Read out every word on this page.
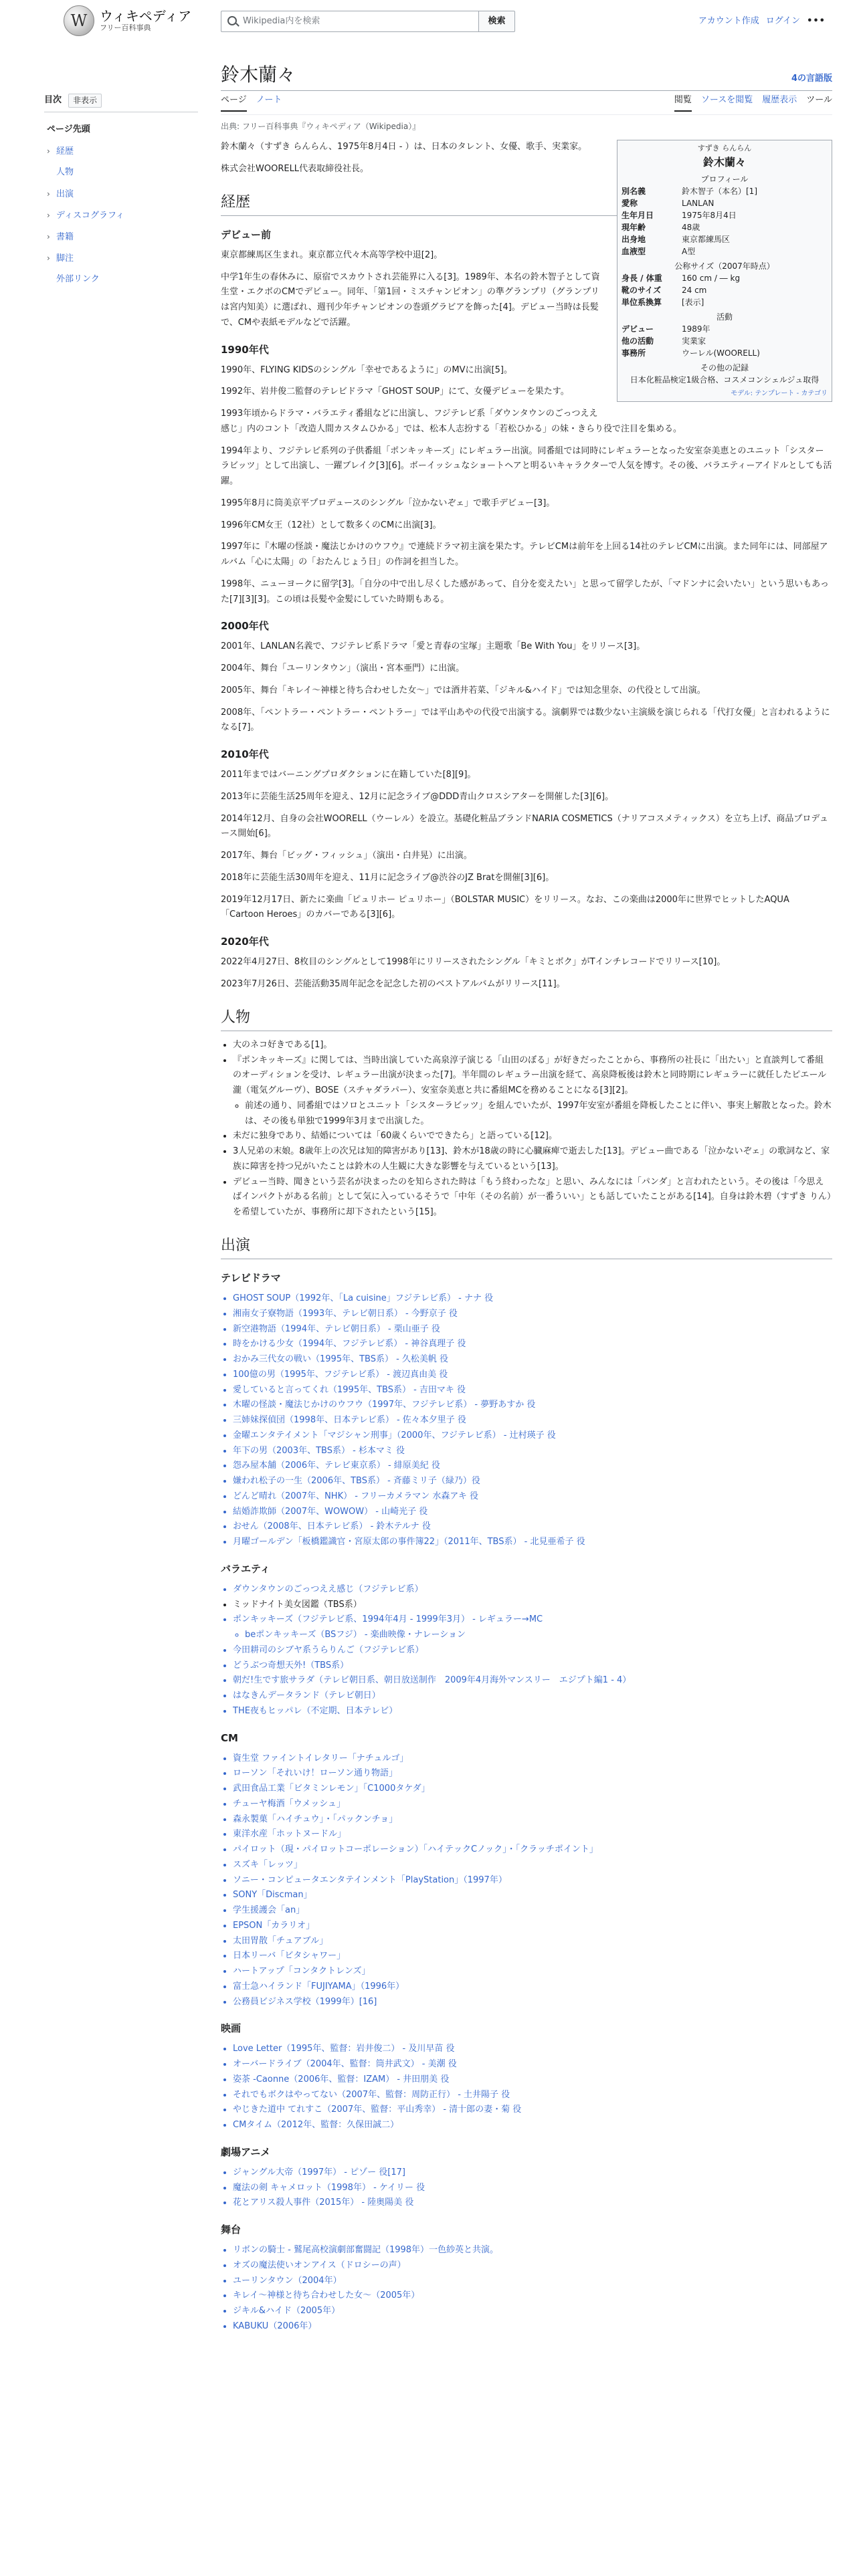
W ウィキペディア
フリー百科事典
Wikipedia内を検索	検索	アカウント作成 ログイン •••
目次	非表示
ページ先頭
› 経歴
人物
› 出演
› ディスコグラフィ
› 書籍
› 脚注
外部リンク
鈴木蘭々	4の言語版
ページ ノート	閲覧 ソースを閲覧 履歴表示 ツール
出典: フリー百科事典『ウィキペディア（Wikipedia）』
すずき らんらん
鈴木蘭々
プロフィール
別名義	鈴木智子（本名）[1]
愛称	LANLAN
生年月日	1975年8月4日
現年齢	48歳
出身地	東京都練馬区
血液型	A型
公称サイズ（2007年時点）
身長 / 体重	160 cm / ― kg
靴のサイズ	24 cm
単位系換算	[表示]
活動
デビュー	1989年
他の活動	実業家
事務所	ウーレル(WOORELL)
その他の記録
日本化粧品検定1級合格、コスメコンシェルジュ取得
モデル: テンプレート - カテゴリ

鈴木蘭々（すずき らんらん、1975年8月4日 - ）は、日本のタレント、女優、歌手、実業家。

株式会社WOORELL代表取締役社長。

経歴
デビュー前

東京都練馬区生まれ。東京都立代々木高等学校中退[2]。

中学1年生の春休みに、原宿でスカウトされ芸能界に入る[3]。1989年、本名の鈴木智子として資生堂・エクボのCMでデビュー。同年、「第1回・ミスチャンピオン」の準グランプリ（グランプリは宮内知美）に選ばれ、週刊少年チャンピオンの巻頭グラビアを飾った[4]。デビュー当時は長髪で、CMや表紙モデルなどで活躍。

1990年代

1990年、FLYING KIDSのシングル「幸せであるように」のMVに出演[5]。

1992年、岩井俊二監督のテレビドラマ「GHOST SOUP」にて、女優デビューを果たす。

1993年頃からドラマ・バラエティ番組などに出演し、フジテレビ系「ダウンタウンのごっつええ感じ」内のコント「改造人間カスタムひかる」では、松本人志扮する「若松ひかる」の妹・きらり役で注目を集める。

1994年より、フジテレビ系列の子供番組「ポンキッキーズ」にレギュラー出演。同番組では同時にレギュラーとなった安室奈美恵とのユニット「シスターラビッツ」として出演し、一躍ブレイク[3][6]。ボーイッシュなショートヘアと明るいキャラクターで人気を博す。その後、バラエティーアイドルとしても活躍。

1995年8月に筒美京平プロデュースのシングル「泣かないぞェ」で歌手デビュー[3]。

1996年CM女王（12社）として数多くのCMに出演[3]。

1997年に『木曜の怪談・魔法じかけのウフウ』で連続ドラマ初主演を果たす。テレビCMは前年を上回る14社のテレビCMに出演。また同年には、同部屋アルバム「心に太陽」の「おたんじょう日」の作詞を担当した。

1998年、ニューヨークに留学[3]。「自分の中で出し尽くした感があって、自分を変えたい」と思って留学したが、「マドンナに会いたい」という思いもあった[7][3][3]。この頃は長髪や金髪にしていた時期もある。

2000年代

2001年、LANLAN名義で、フジテレビ系ドラマ「愛と青春の宝塚」主題歌「Be With You」をリリース[3]。

2004年、舞台「ユーリンタウン」（演出・宮本亜門）に出演。

2005年、舞台「キレイ〜神様と待ち合わせした女〜」では酒井若菜、「ジキル&ハイド」では知念里奈、の代役として出演。

2008年、「ペントラー・ペントラー・ペントラー」では平山あやの代役で出演する。演劇界では数少ない主演級を演じられる「代打女優」と言われるようになる[7]。

2010年代

2011年まではバーニングプロダクションに在籍していた[8][9]。

2013年に芸能生活25周年を迎え、12月に記念ライブ@DDD青山クロスシアターを開催した[3][6]。

2014年12月、自身の会社WOORELL（ウーレル）を設立。基礎化粧品ブランドNARIA COSMETICS（ナリアコスメティックス）を立ち上げ、商品プロデュース開始[6]。

2017年、舞台「ビッグ・フィッシュ」（演出・白井晃）に出演。

2018年に芸能生活30周年を迎え、11月に記念ライブ@渋谷のJZ Bratを開催[3][6]。

2019年12月17日、新たに楽曲「ピュリホー ピュリホー」（BOLSTAR MUSIC）をリリース。なお、この楽曲は2000年に世界でヒットしたAQUA「Cartoon Heroes」のカバーである[3][6]。

2020年代

2022年4月27日、8枚目のシングルとして1998年にリリースされたシングル「キミとボク」がTインチレコードでリリース[10]。

2023年7月26日、芸能活動35周年記念を記念した初のベストアルバムがリリース[11]。

人物
• 大のネコ好きである[1]。
• 『ポンキッキーズ』に関しては、当時出演していた高泉淳子演じる「山田のぼる」が好きだったことから、事務所の社長に「出たい」と直談判して番組のオーディションを受け、レギュラー出演が決まった[7]。半年間のレギュラー出演を経て、高泉降板後は鈴木と同時期にレギュラーに就任したピエール瀧（電気グルーヴ）、BOSE（スチャダラパー）、安室奈美恵と共に番組MCを務めることになる[3][2]。
◦ 前述の通り、同番組ではソロとユニット「シスターラビッツ」を組んでいたが、1997年安室が番組を降板したことに伴い、事実上解散となった。鈴木は、その後も単独で1999年3月まで出演した。
• 未だに独身であり、結婚については「60歳くらいでできたら」と語っている[12]。
• 3人兄弟の末娘。8歳年上の次兄は知的障害があり[13]、鈴木が18歳の時に心臓麻痺で逝去した[13]。デビュー曲である「泣かないぞェ」の歌詞など、家族に障害を持つ兄がいたことは鈴木の人生観に大きな影響を与えているという[13]。
• デビュー当時、聞きという芸名が決まったのを知らされた時は「もう終わったな」と思い、みんなには「パンダ」と言われたという。その後は「今思えばインパクトがある名前」として気に入っているそうで「中年（その名前）が一番ういい」とも話していたことがある[14]。自身は鈴木碧（すずき りん）を希望していたが、事務所に却下されたという[15]。
出演
テレビドラマ
• GHOST SOUP（1992年、「La cuisine」フジテレビ系） - ナナ 役
• 湘南女子寮物語（1993年、テレビ朝日系） - 今野京子 役
• 新空港物語（1994年、テレビ朝日系） - 栗山亜子 役
• 時をかける少女（1994年、フジテレビ系） - 神谷真理子 役
• おかみ三代女の戦い（1995年、TBS系） - 久松美帆 役
• 100億の男（1995年、フジテレビ系） - 渡辺真由美 役
• 愛していると言ってくれ（1995年、TBS系） - 吉田マキ 役
• 木曜の怪談・魔法じかけのウフウ（1997年、フジテレビ系） - 夢野あすか 役
• 三姉妹探偵団（1998年、日本テレビ系） - 佐々本夕里子 役
• 金曜エンタテイメント「マジシャン刑事」（2000年、フジテレビ系） - 辻村瑛子 役
• 年下の男（2003年、TBS系） - 杉本マミ 役
• 怨み屋本舗（2006年、テレビ東京系） - 緋原美紀 役
• 嫌われ松子の一生（2006年、TBS系） - 斉藤ミリ子（緑乃）役
• どんど晴れ（2007年、NHK） - フリーカメラマン 水森アキ 役
• 結婚詐欺師（2007年、WOWOW） - 山崎光子 役
• おせん（2008年、日本テレビ系） - 鈴木テルナ 役
• 月曜ゴールデン「板橋鑑識官・宮原太郎の事件簿22」（2011年、TBS系） - 北見亜希子 役
バラエティ
• ダウンタウンのごっつええ感じ（フジテレビ系）
• ミッドナイト美女図鑑（TBS系）
• ポンキッキーズ（フジテレビ系、1994年4月 - 1999年3月） - レギュラー→MC
◦ beポンキッキーズ（BSフジ） - 楽曲映像・ナレーション
• 今田耕司のシブヤ系うらりんご（フジテレビ系）
• どうぶつ奇想天外!（TBS系）
• 朝だ!生です旅サラダ（テレビ朝日系、朝日放送制作　2009年4月海外マンスリー　エジプト編1 - 4）
• はなきんデータランド（テレビ朝日）
• THE夜もヒッパレ（不定期、日本テレビ）
CM
• 資生堂 ファイントイレタリー「ナチュルゴ」
• ローソン「それいけ！ローソン通り物語」
• 武田食品工業「ビタミンレモン」「C1000タケダ」
• チューヤ梅酒「ウメッシュ」
• 森永製菓「ハイチュウ」・「パックンチョ」
• 東洋水産「ホットヌードル」
• パイロット（現・パイロットコーポレーション）「ハイテックCノック」・「クラッチポイント」
• スズキ「レッツ」
• ソニー・コンピュータエンタテインメント「PlayStation」（1997年）
• SONY「Discman」
• 学生援護会「an」
• EPSON「カラリオ」
• 太田胃散「チュアブル」
• 日本リーバ「ビタシャワー」
• ハートアップ「コンタクトレンズ」
• 富士急ハイランド「FUJIYAMA」（1996年）
• 公務員ビジネス学校（1999年）[16]
映画
• Love Letter（1995年、監督：岩井俊二） - 及川早苗 役
• オーバードライブ（2004年、監督：筒井武文） - 美潮 役
• 姿茶 -Caonne（2006年、監督：IZAM） - 井田朋美 役
• それでもボクはやってない（2007年、監督：周防正行） - 土井陽子 役
• やじきた道中 てれすこ（2007年、監督：平山秀幸） - 清十郎の妻・菊 役
• CMタイム（2012年、監督：久保田誠二）
劇場アニメ
• ジャングル大帝（1997年） - ピゾー 役[17]
• 魔法の剣 キャメロット（1998年） - ケイリー 役
• 花とアリス殺人事件（2015年） - 陸奥陽美 役
舞台
• リボンの騎士 - 鷲尾高校演劇部奮闘記（1998年）一色紗英と共演。
• オズの魔法使いオンアイス（ドロシーの声）
• ユーリンタウン（2004年）
• キレイ〜神様と待ち合わせした女〜（2005年）
• ジキル&ハイド（2005年）
• KABUKU（2006年）
